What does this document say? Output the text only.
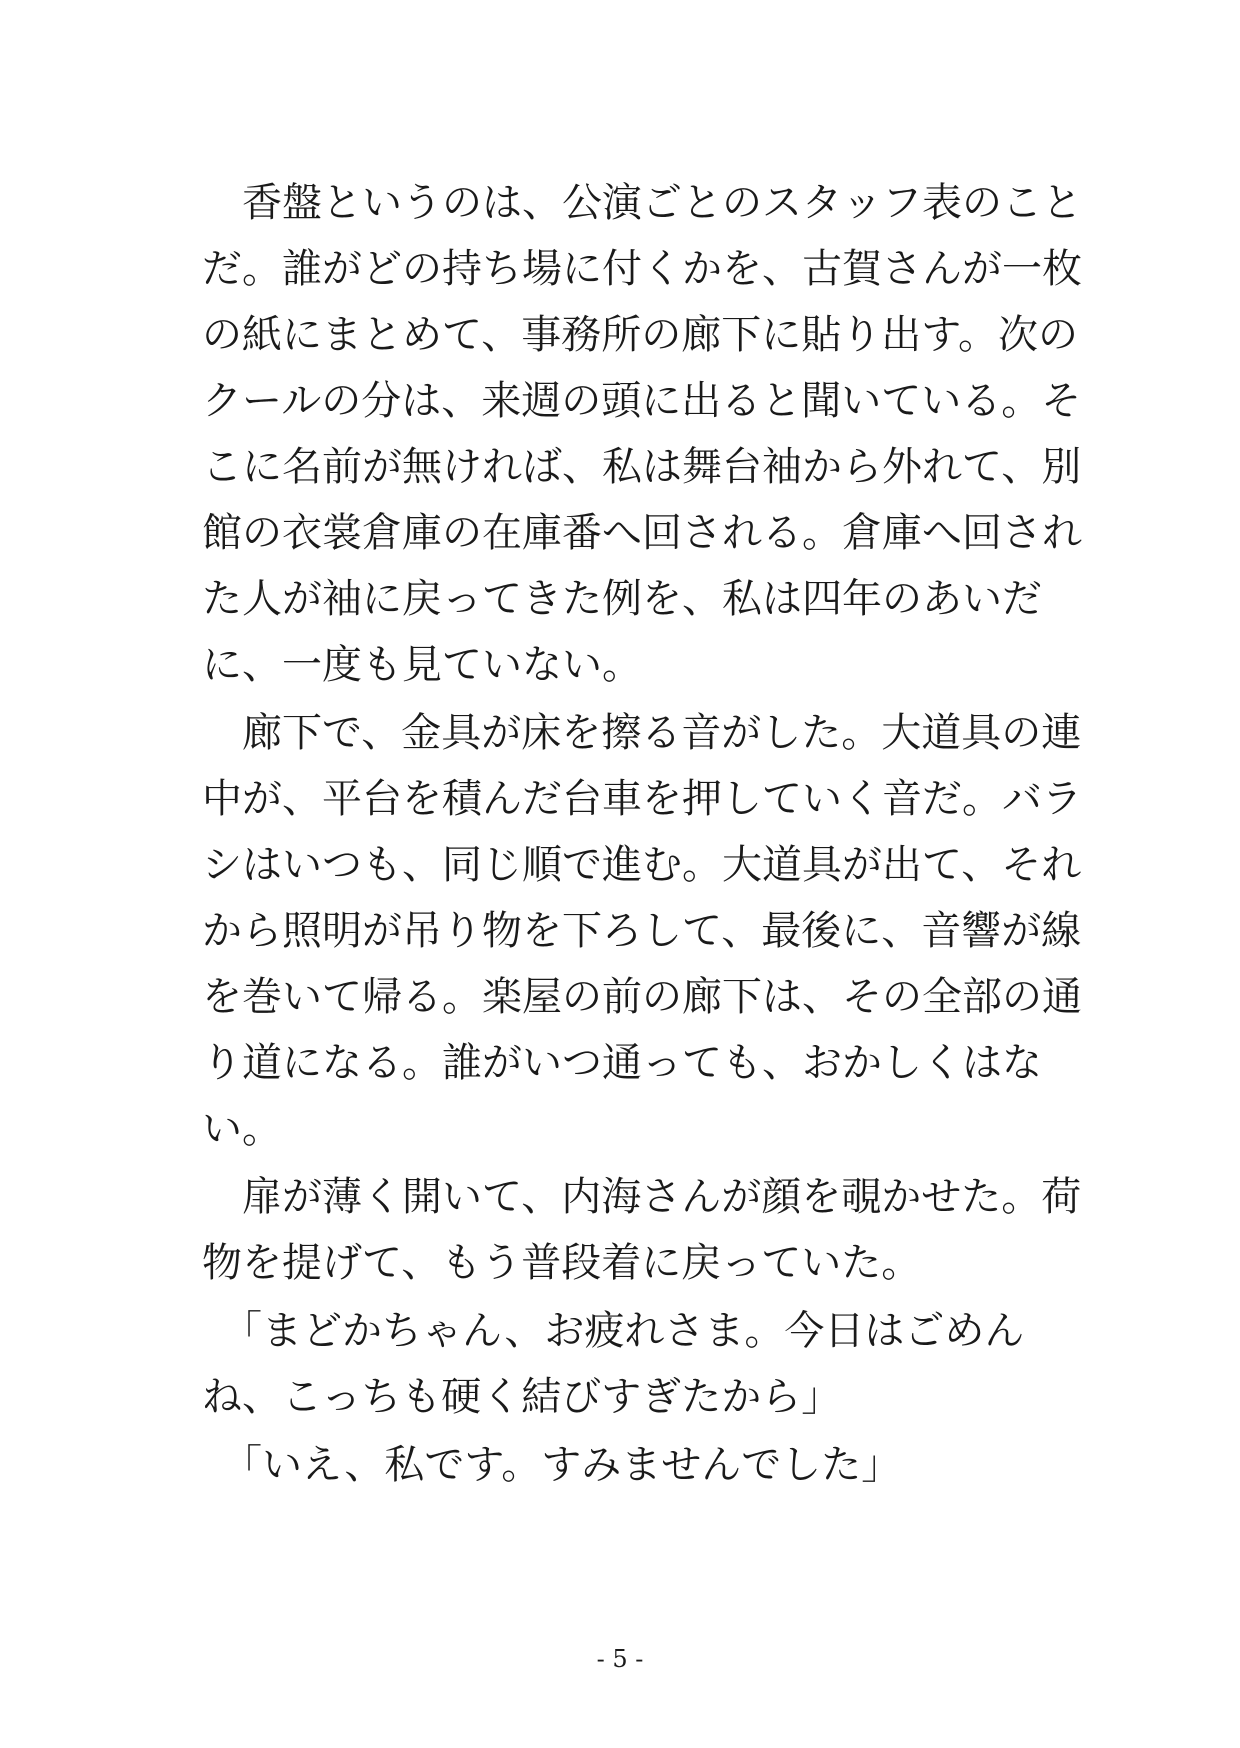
　香盤というのは、公演ごとのスタッフ表のこと
だ。誰がどの持ち場に付くかを、古賀さんが一枚
の紙にまとめて、事務所の廊下に貼り出す。次の
クールの分は、来週の頭に出ると聞いている。そ
こに名前が無ければ、私は舞台袖から外れて、別
館の衣裳倉庫の在庫番へ回される。倉庫へ回され
た人が袖に戻ってきた例を、私は四年のあいだ
に、一度も見ていない。
　廊下で、金具が床を擦る音がした。大道具の連
中が、平台を積んだ台車を押していく音だ。バラ
シはいつも、同じ順で進む。大道具が出て、それ
から照明が吊り物を下ろして、最後に、音響が線
を巻いて帰る。楽屋の前の廊下は、その全部の通
り道になる。誰がいつ通っても、おかしくはな
い。
　扉が薄く開いて、内海さんが顔を覗かせた。荷
物を提げて、もう普段着に戻っていた。
　「まどかちゃん、お疲れさま。今日はごめん
ね、こっちも硬く結びすぎたから」
　「いえ、私です。すみませんでした」
- 5 -
